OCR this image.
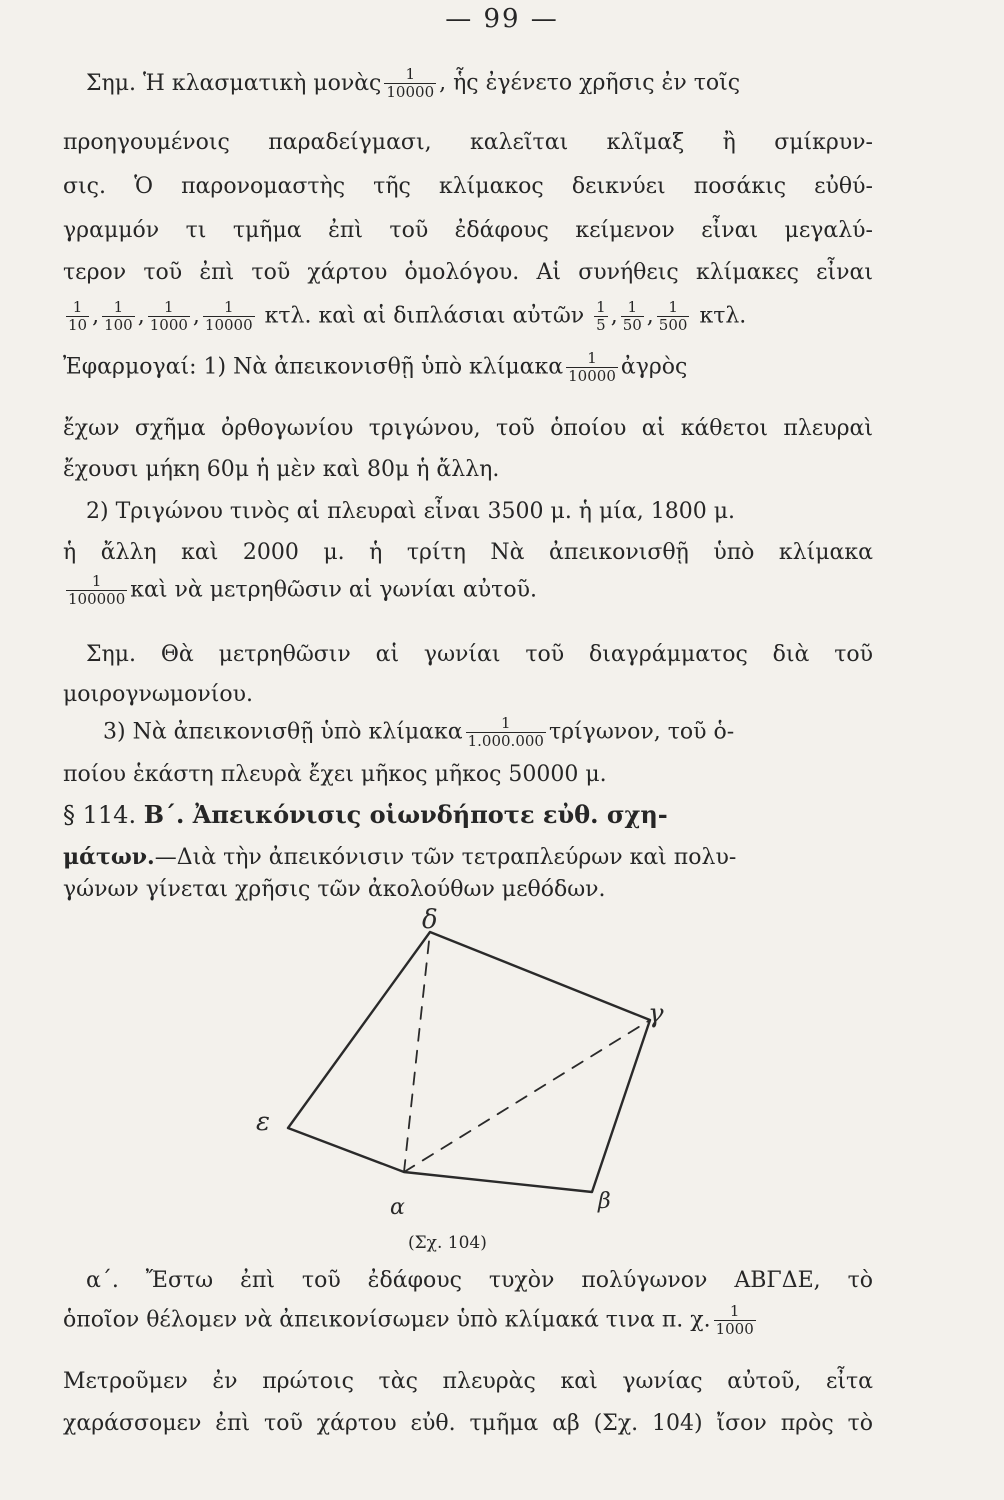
— 99 —
Σημ. Ἡ κλασματικὴ μονὰς $\frac{1}{10000}$ , ἧς ἐγένετο χρῆσις ἐν τοῖς
προηγουμένοις παραδείγμασι, καλεῖται κλῖμαξ ἢ σμίκρυν-
σις. Ὁ παρονομαστὴς τῆς κλίμακος δεικνύει ποσάκις εὐθύ-
γραμμόν τι τμῆμα ἐπὶ τοῦ ἐδάφους κείμενον εἶναι μεγαλύ-
τερον τοῦ ἐπὶ τοῦ χάρτου ὁμολόγου. Αἱ συνήθεις κλίμακες εἶναι
$\frac{1}{10}$ , $\frac{1}{100}$ , $\frac{1}{1000}$ , $\frac{1}{10000} \kappa\tau\lambda$. καὶ αἱ διπλάσιαι αὐτῶν $\frac{1}{5}$ , $\frac{1}{50}$ , $\frac{1}{500} \kappa\tau\lambda$.
Ἐφαρμογαί: 1) Νὰ ἀπεικονισθῇ ὑπὸ κλίμακα $\frac{1}{10000}$ ἀγρὸς
ἔχων σχῆμα ὀρθογωνίου τριγώνου, τοῦ ὁποίου αἱ κάθετοι πλευραὶ
ἔχουσι μήκη 60μ ἡ μὲν καὶ 80μ ἡ ἄλλη.
2) Τριγώνου τινὸς αἱ πλευραὶ εἶναι 3500 μ. ἡ μία, 1800 μ.
ἡ ἄλλη καὶ 2000 μ. ἡ τρίτη Νὰ ἀπεικονισθῇ ὑπὸ κλίμακα
$\frac{1}{100000}$ καὶ νὰ μετρηθῶσιν αἱ γωνίαι αὐτοῦ.
Σημ. Θὰ μετρηθῶσιν αἱ γωνίαι τοῦ διαγράμματος διὰ τοῦ
μοιρογνωμονίου.
3) Νὰ ἀπεικονισθῇ ὑπὸ κλίμακα $\frac{1}{1.000.000} \tau\rho ί\gamma\omega\nu o\nu$, τοῦ ὁ-
ποίου ἑκάστη πλευρὰ ἔχει μῆκος μῆκος 50000 μ.
§ 114. Β΄. Ἀπεικόνισις οἱωνδήποτε εὐθ. σχη-
μάτων.—Διὰ τὴν ἀπεικόνισιν τῶν τετραπλεύρων καὶ πολυ-
γώνων γίνεται χρῆσις τῶν ἀκολούθων μεθόδων.
δ
γ
ε
α	β
(Σχ. 104)
α΄. Ἔστω ἐπὶ τοῦ ἐδάφους τυχὸν πολύγωνον ΑΒΓΔΕ, τὸ
ὁποῖον θέλομεν νὰ ἀπεικονίσωμεν ὑπὸ κλίμακά τινα π. χ. $\frac{1}{1000}$
Μετροῦμεν ἐν πρώτοις τὰς πλευρὰς καὶ γωνίας αὐτοῦ, εἶτα
χαράσσομεν ἐπὶ τοῦ χάρτου εὐθ. τμῆμα αβ (Σχ. 104) ἴσον πρὸς τὸ
